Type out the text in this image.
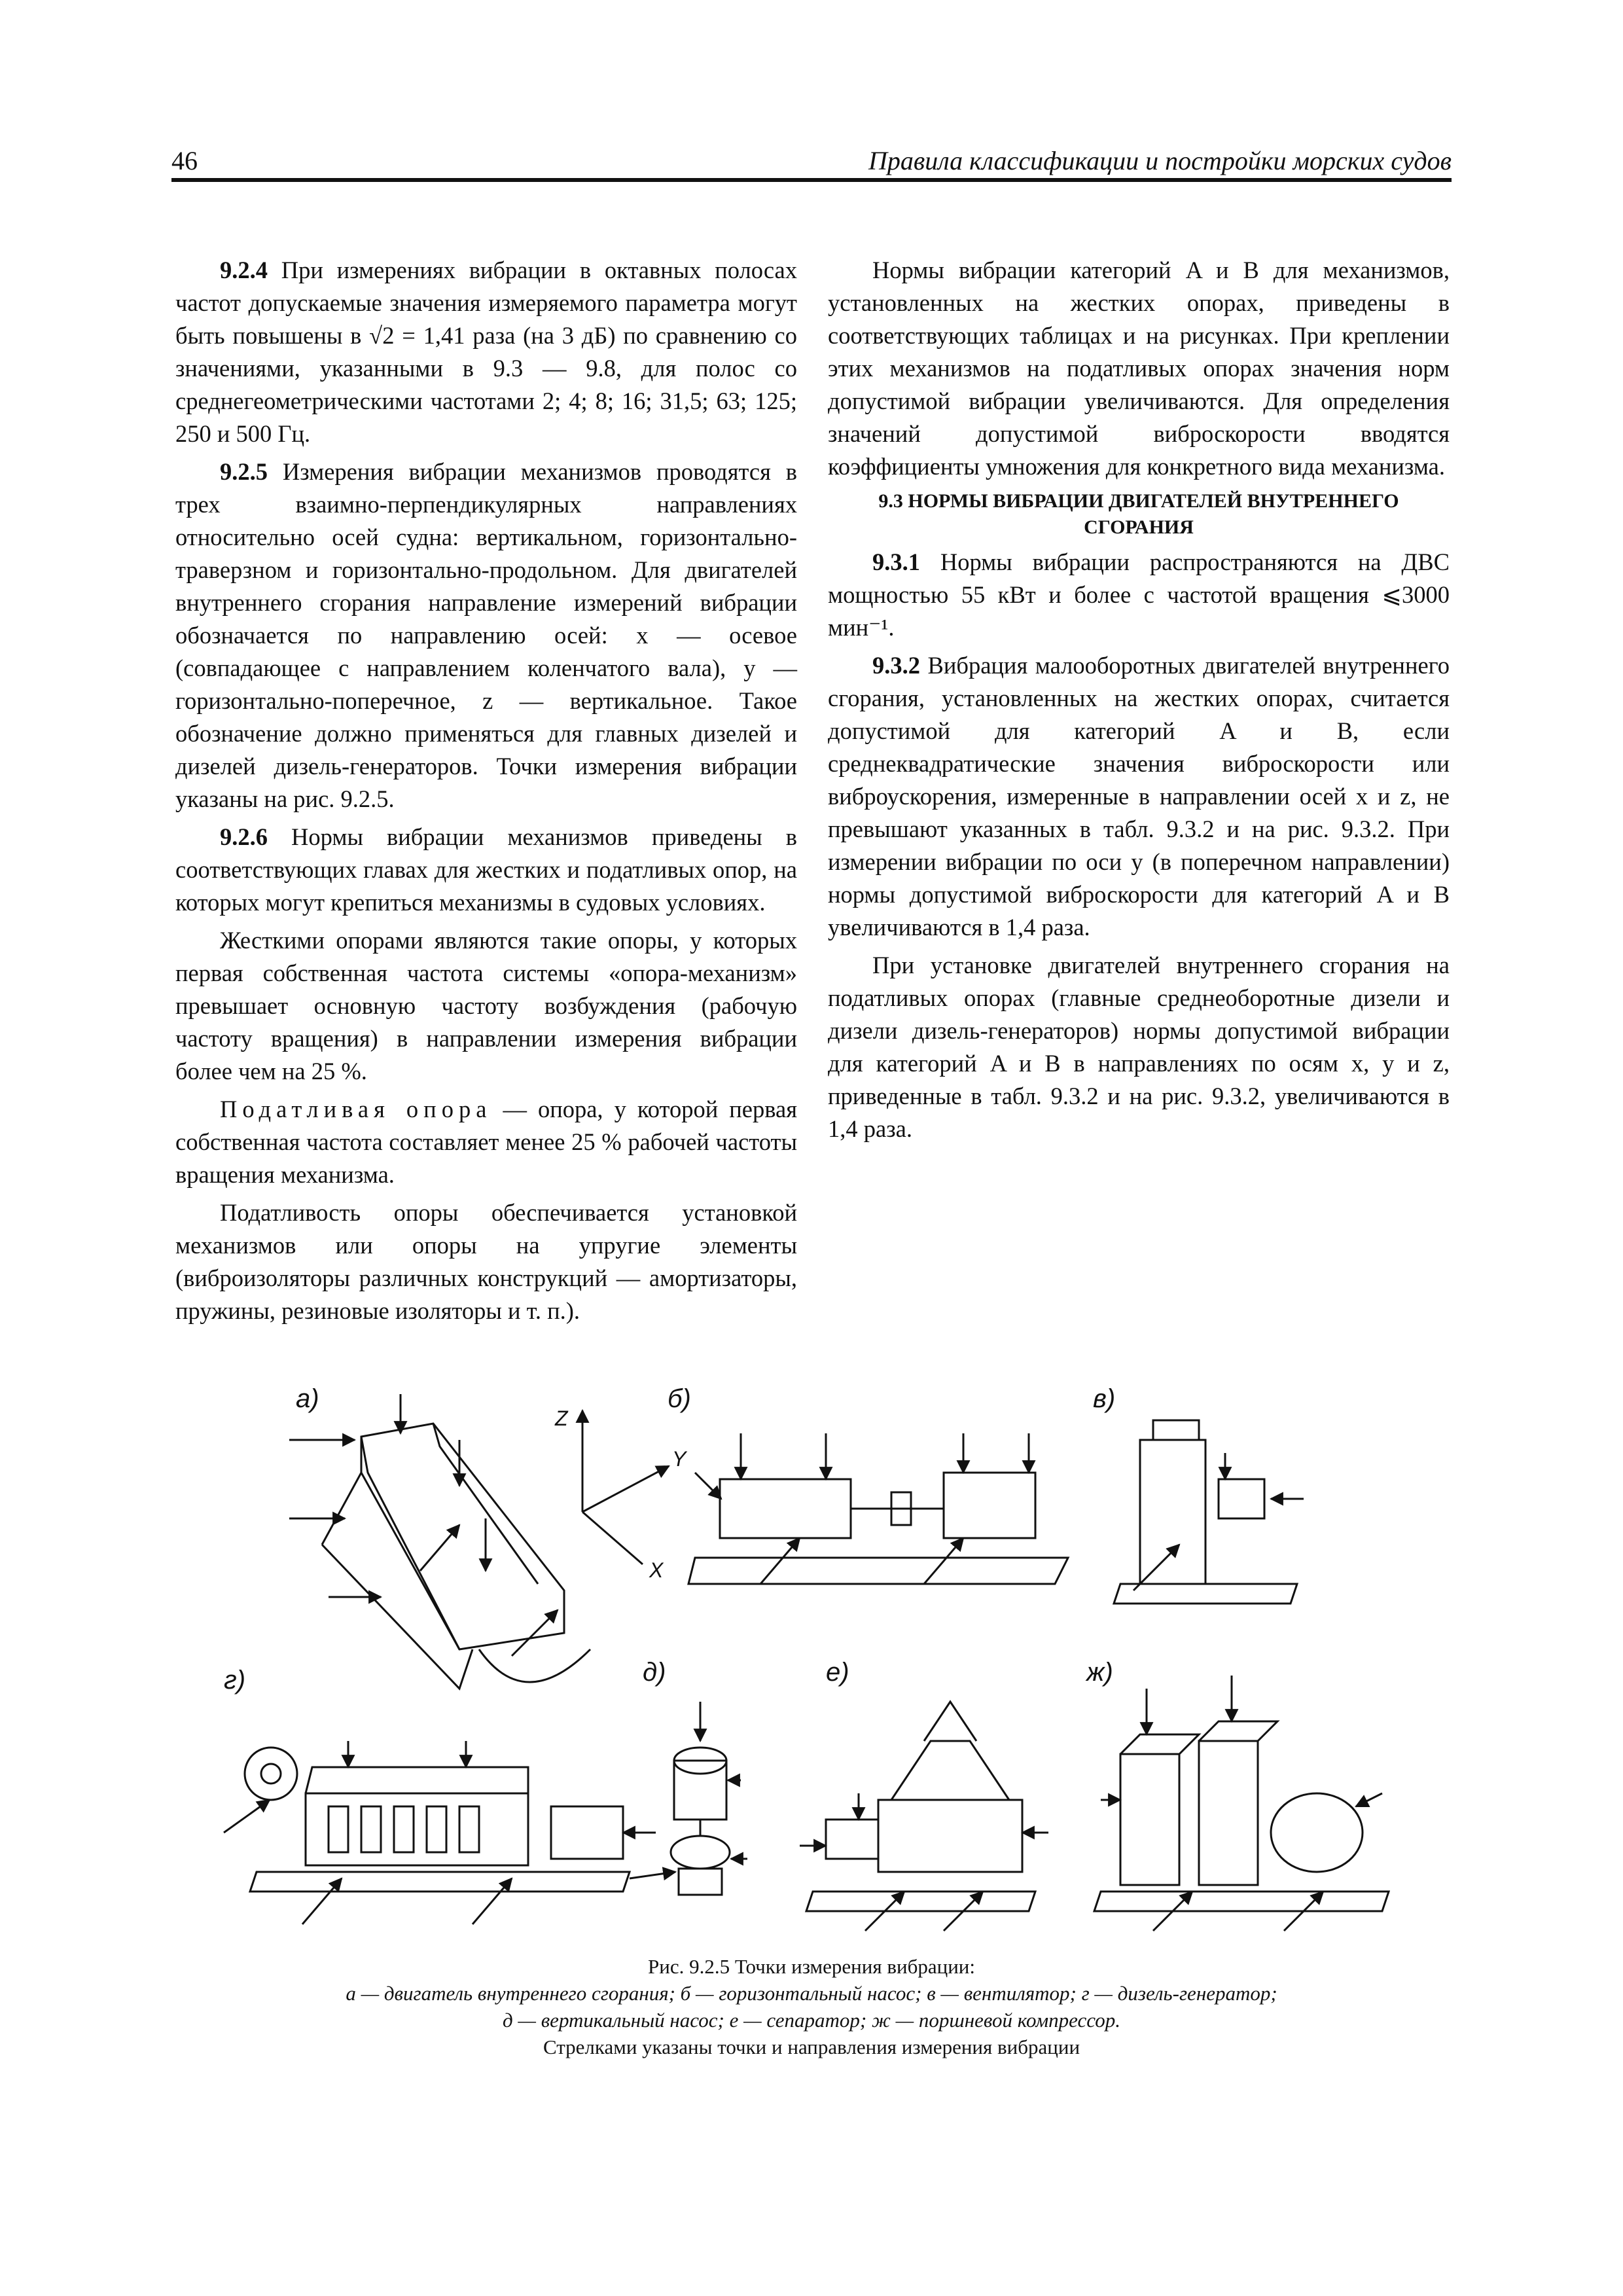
46	Правила классификации и постройки морских судов

9.2.4 При измерениях вибрации в октавных полосах частот допускаемые значения измеряемого параметра могут быть повышены в √2 = 1,41 раза (на 3 дБ) по сравнению со значениями, указанными в 9.3 — 9.8, для полос со среднегеометрическими частотами 2; 4; 8; 16; 31,5; 63; 125; 250 и 500 Гц.

9.2.5 Измерения вибрации механизмов проводятся в трех взаимно-перпендикулярных направлениях относительно осей судна: вертикальном, горизонтально-траверзном и горизонтально-продольном. Для двигателей внутреннего сгорания направление измерений вибрации обозначается по направлению осей: x — осевое (совпадающее с направлением коленчатого вала), y — горизонтально-поперечное, z — вертикальное. Такое обозначение должно применяться для главных дизелей и дизелей дизель-генераторов. Точки измерения вибрации указаны на рис. 9.2.5.

9.2.6 Нормы вибрации механизмов приведены в соответствующих главах для жестких и податливых опор, на которых могут крепиться механизмы в судовых условиях.

Жесткими опорами являются такие опоры, у которых первая собственная частота системы «опора-механизм» превышает основную частоту возбуждения (рабочую частоту вращения) в направлении измерения вибрации более чем на 25 %.

Податливая опора — опора, у которой первая собственная частота составляет менее 25 % рабочей частоты вращения механизма.

Податливость опоры обеспечивается установкой механизмов или опоры на упругие элементы (виброизоляторы различных конструкций — амортизаторы, пружины, резиновые изоляторы и т. п.).

Нормы вибрации категорий A и B для механизмов, установленных на жестких опорах, приведены в соответствующих таблицах и на рисунках. При креплении этих механизмов на податливых опорах значения норм допустимой вибрации увеличиваются. Для определения значений допустимой виброскорости вводятся коэффициенты умножения для конкретного вида механизма.

9.3 НОРМЫ ВИБРАЦИИ ДВИГАТЕЛЕЙ ВНУТРЕННЕГО СГОРАНИЯ

9.3.1 Нормы вибрации распространяются на ДВС мощностью 55 кВт и более с частотой вращения ⩽3000 мин⁻¹.

9.3.2 Вибрация малооборотных двигателей внутреннего сгорания, установленных на жестких опорах, считается допустимой для категорий A и B, если среднеквадратические значения виброскорости или виброускорения, измеренные в направлении осей x и z, не превышают указанных в табл. 9.3.2 и на рис. 9.3.2. При измерении вибрации по оси y (в поперечном направлении) нормы допустимой виброскорости для категорий A и B увеличиваются в 1,4 раза.

При установке двигателей внутреннего сгорания на податливых опорах (главные среднеоборотные дизели и дизели дизель-генераторов) нормы допустимой вибрации для категорий A и B в направлениях по осям x, y и z, приведенные в табл. 9.3.2 и на рис. 9.3.2, увеличиваются в 1,4 раза.

а)	б)	в)
г)	д)	е)	ж)
Z
Y
X
Рис. 9.2.5 Точки измерения вибрации:
а — двигатель внутреннего сгорания; б — горизонтальный насос; в — вентилятор; г — дизель-генератор;
д — вертикальный насос; е — сепаратор; ж — поршневой компрессор.
Стрелками указаны точки и направления измерения вибрации
